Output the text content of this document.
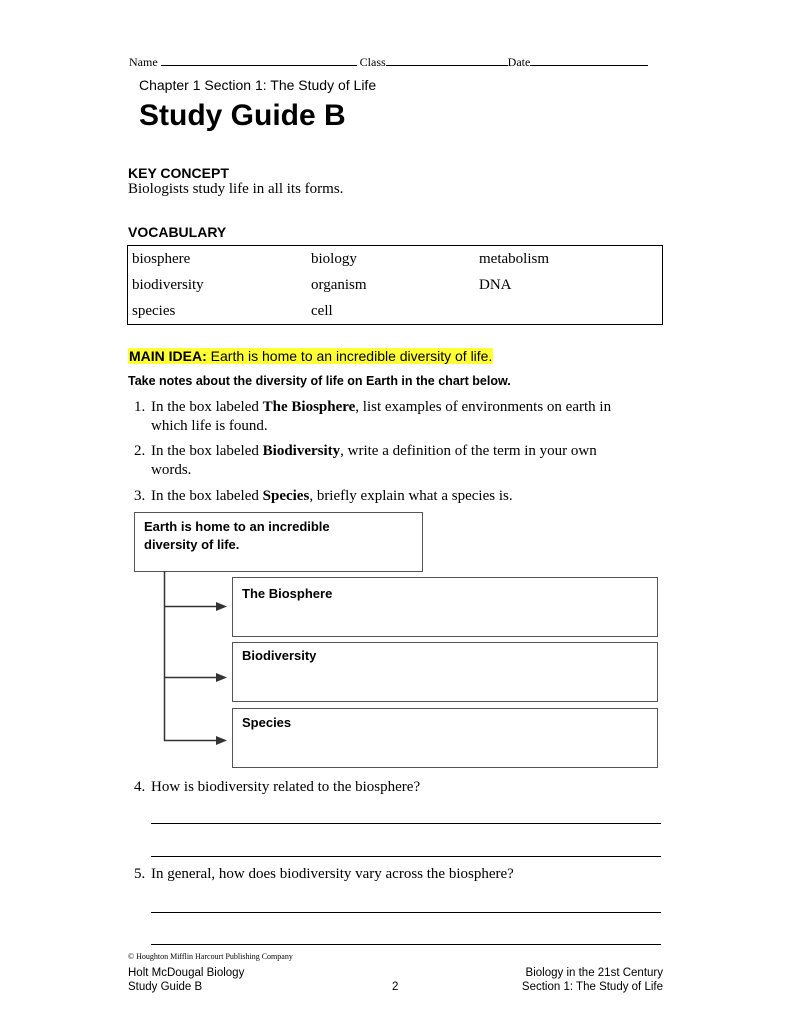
Name	Class	Date
Chapter 1 Section 1: The Study of Life
Study Guide B
KEY CONCEPT
Biologists study life in all its forms.
VOCABULARY
biosphere	biology	metabolism
biodiversity	organism	DNA
species	cell
MAIN IDEA: Earth is home to an incredible diversity of life.
Take notes about the diversity of life on Earth in the chart below.
1. In the box labeled The Biosphere, list examples of environments on earth in
which life is found.
2. In the box labeled Biodiversity, write a definition of the term in your own
words.
3. In the box labeled Species, briefly explain what a species is.
Earth is home to an incredible
diversity of life.
The Biosphere
Biodiversity
Species
4. How is biodiversity related to the biosphere?
5. In general, how does biodiversity vary across the biosphere?
© Houghton Mifflin Harcourt Publishing Company
Holt McDougal Biology
Study Guide B	2
Biology in the 21st Century
Section 1: The Study of Life
